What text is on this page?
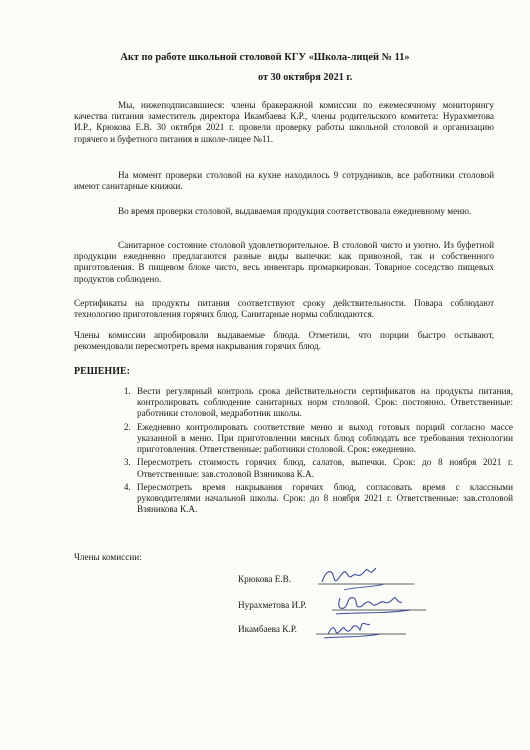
Акт по работе школьной столовой КГУ «Школа-лицей № 11»
от 30 октября 2021 г.
Мы, нижеподписавшиеся: члены бракеражной комиссии по ежемесячному мониторингу качества питания заместитель директора Икамбаева К.Р., члены родительского комитета: Нурахметова И.Р., Крюкова Е.В. 30 октября 2021 г. провели проверку работы школьной столовой и организацию горячего и буфетного питания в школе-лицее №11.
На момент проверки столовой на кухне находилось 9 сотрудников, все работники столовой имеют санитарные книжки.
Во время проверки столовой, выдаваемая продукция соответствовала ежедневному меню.
Санитарное состояние столовой удовлетворительное. В столовой чисто и уютно. Из буфетной продукции ежедневно предлагаются разные виды выпечки: как привозной, так и собственного приготовления. В пищевом блоке чисто, весь инвентарь промаркирован. Товарное соседство пищевых продуктов соблюдено.
Сертификаты на продукты питания соответствуют сроку действительности. Повара соблюдают технологию приготовления горячих блюд. Санитарные нормы соблюдаются.
Члены комиссии апробировали выдаваемые блюда. Отметили, что порции быстро остывают, рекомендовали пересмотреть время накрывания горячих блюд.
РЕШЕНИЕ:
1. Вести регулярный контроль срока действительности сертификатов на продукты питания, контролировать соблюдение санитарных норм столовой. Срок: постоянно. Ответственные: работники столовой, медработник школы.
2. Ежедневно контролировать соответствие меню и выход готовых порций согласно массе указанной в меню. При приготовлении мясных блюд соблюдать все требования технологии приготовления. Ответственные: работники столовой. Срок: ежедневно.
3. Пересмотреть стоимость горячих блюд, салатов, выпечки. Срок: до 8 ноября 2021 г. Ответственные: зав.столовой Взяникова К.А.
4. Пересмотреть время накрывания горячих блюд, согласовать время с классными руководителями начальной школы. Срок: до 8 ноября 2021 г. Ответственные: зав.столовой Взяникова К.А.
Члены комиссии:
Крюкова Е.В.
Нурахметова И.Р.
Икамбаева К.Р.
